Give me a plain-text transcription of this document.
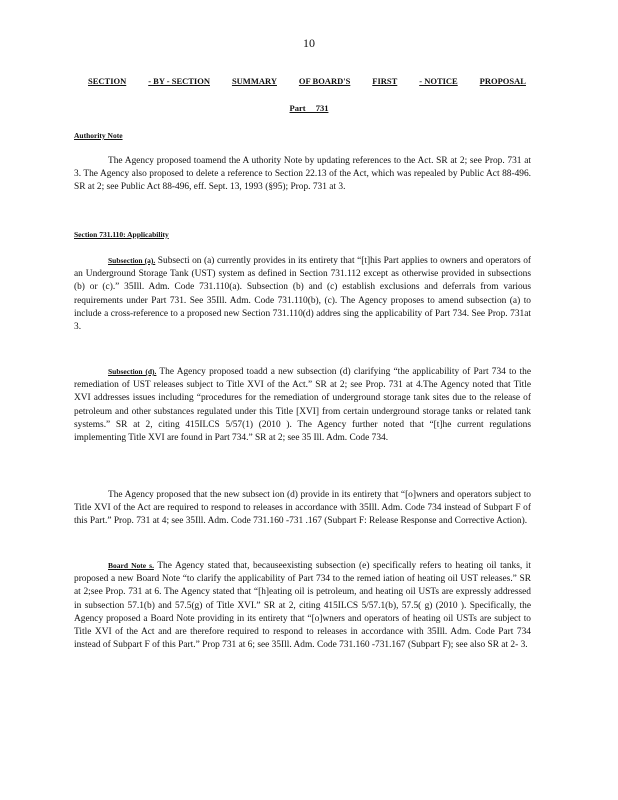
10
SECTION	- BY - SECTION	SUMMARY	OF BOARD'S	FIRST	- NOTICE	PROPOSAL
Part 731
Authority Note

The Agency proposed toamend the A uthority Note by updating references to the Act. SR at 2; see Prop. 731 at 3. The Agency also proposed to delete a reference to Section 22.13 of the Act, which was repealed by Public Act 88-496. SR at 2; see Public Act 88-496, eff. Sept. 13, 1993 (§95); Prop. 731 at 3.

Section 731.110: Applicability

Subsection (a). Subsecti on (a) currently provides in its entirety that “[t]his Part applies to owners and operators of an Underground Storage Tank (UST) system as defined in Section 731.112 except as otherwise provided in subsections (b) or (c).” 35Ill. Adm. Code 731.110(a). Subsection (b) and (c) establish exclusions and deferrals from various requirements under Part 731. See 35Ill. Adm. Code 731.110(b), (c). The Agency proposes to amend subsection (a) to include a cross-reference to a proposed new Section 731.110(d) addres sing the applicability of Part 734. See Prop. 731at 3.

Subsection (d). The Agency proposed toadd a new subsection (d) clarifying “the applicability of Part 734 to the remediation of UST releases subject to Title XVI of the Act.” SR at 2; see Prop. 731 at 4.The Agency noted that Title XVI addresses issues including “procedures for the remediation of underground storage tank sites due to the release of petroleum and other substances regulated under this Title [XVI] from certain underground storage tanks or related tank systems.” SR at 2, citing 415ILCS 5/57(1) (2010 ). The Agency further noted that “[t]he current regulations implementing Title XVI are found in Part 734.” SR at 2; see 35 Ill. Adm. Code 734.

The Agency proposed that the new subsect ion (d) provide in its entirety that “[o]wners and operators subject to Title XVI of the Act are required to respond to releases in accordance with 35Ill. Adm. Code 734 instead of Subpart F of this Part.” Prop. 731 at 4; see 35Ill. Adm. Code 731.160 -731 .167 (Subpart F: Release Response and Corrective Action).

Board Note s. The Agency stated that, becauseexisting subsection (e) specifically refers to heating oil tanks, it proposed a new Board Note “to clarify the applicability of Part 734 to the remed iation of heating oil UST releases.” SR at 2;see Prop. 731 at 6. The Agency stated that “[h]eating oil is petroleum, and heating oil USTs are expressly addressed in subsection 57.1(b) and 57.5(g) of Title XVI.” SR at 2, citing 415ILCS 5/57.1(b), 57.5( g) (2010 ). Specifically, the Agency proposed a Board Note providing in its entirety that “[o]wners and operators of heating oil USTs are subject to Title XVI of the Act and are therefore required to respond to releases in accordance with 35Ill. Adm. Code Part 734 instead of Subpart F of this Part.” Prop 731 at 6; see 35Ill. Adm. Code 731.160 -731.167 (Subpart F); see also SR at 2- 3.
